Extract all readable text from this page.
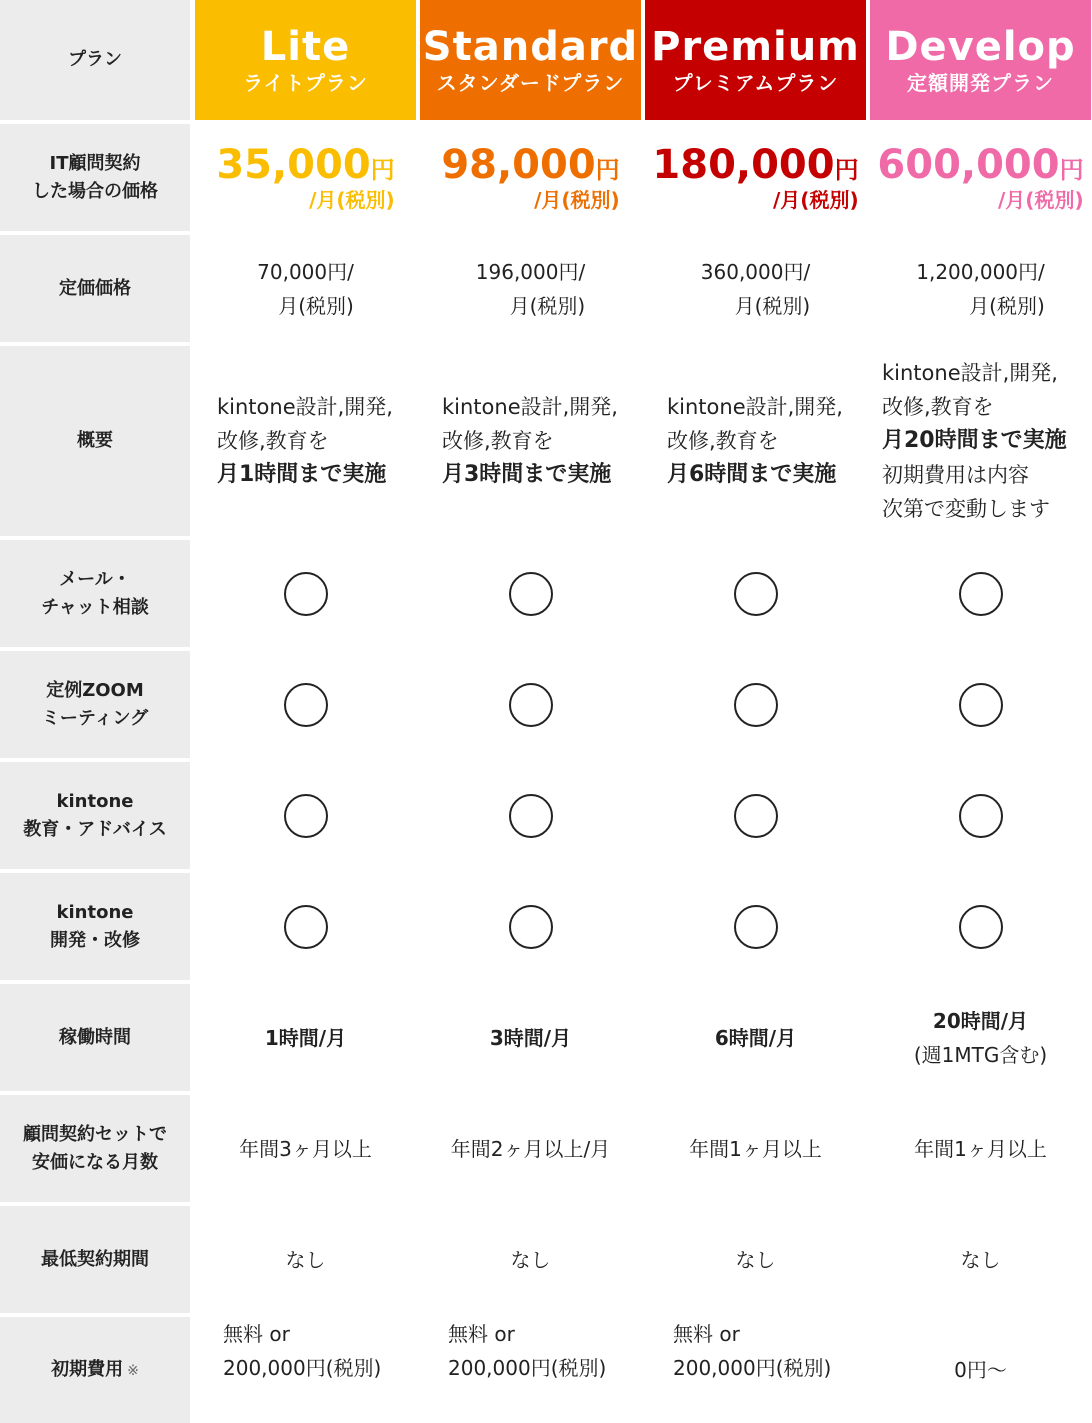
プラン
IT顧問契約
した場合の価格
定価価格
概要
メール・
チャット相談
定例ZOOM
ミーティング
kintone
教育・アドバイス
kintone
開発・改修
稼働時間
顧問契約セットで
安価になる月数
最低契約期間
初期費用 ※
Lite
ライトプラン
35,000円
/月(税別)
70,000円/
月(税別)
kintone設計,開発,
改修,教育を
月1時間まで実施
1時間/月
年間3ヶ月以上
なし
無料 or
200,000円(税別)
Standard
スタンダードプラン
98,000円
/月(税別)
196,000円/
月(税別)
kintone設計,開発,
改修,教育を
月3時間まで実施
3時間/月
年間2ヶ月以上/月
なし
無料 or
200,000円(税別)
Premium
プレミアムプラン
180,000円
/月(税別)
360,000円/
月(税別)
kintone設計,開発,
改修,教育を
月6時間まで実施
6時間/月
年間1ヶ月以上
なし
無料 or
200,000円(税別)
Develop
定額開発プラン
600,000円
/月(税別)
1,200,000円/
月(税別)
kintone設計,開発,
改修,教育を
月20時間まで実施
初期費用は内容
次第で変動します
20時間/月
(週1MTG含む)
年間1ヶ月以上
なし
0円〜
